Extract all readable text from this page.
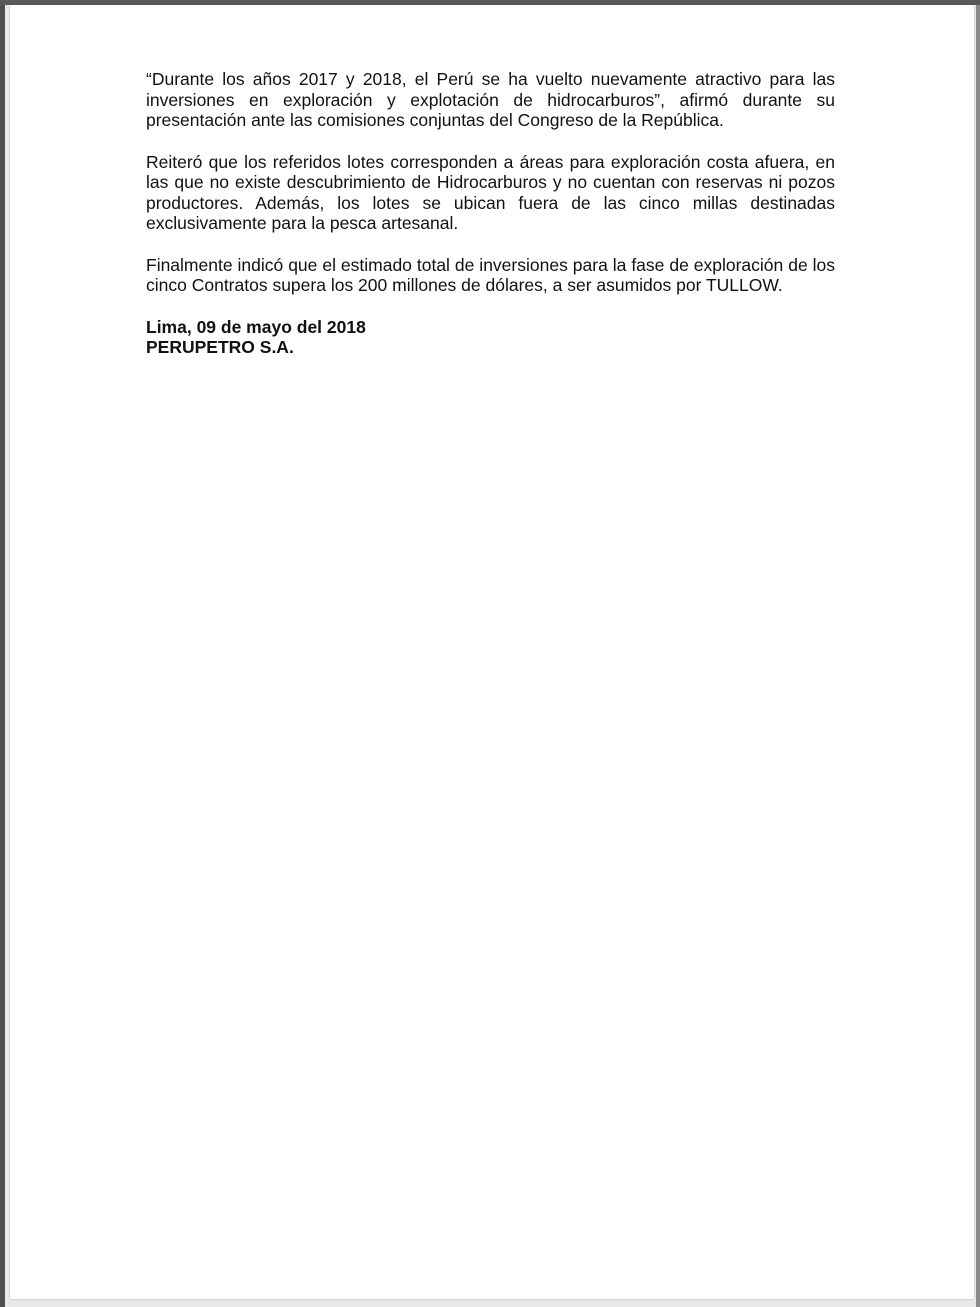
“Durante los años 2017 y 2018, el Perú se ha vuelto nuevamente atractivo para las inversiones en exploración y explotación de hidrocarburos”, afirmó durante su presentación ante las comisiones conjuntas del Congreso de la República.

Reiteró que los referidos lotes corresponden a áreas para exploración costa afuera, en las que no existe descubrimiento de Hidrocarburos y no cuentan con reservas ni pozos productores. Además, los lotes se ubican fuera de las cinco millas destinadas exclusivamente para la pesca artesanal.

Finalmente indicó que el estimado total de inversiones para la fase de exploración de los cinco Contratos supera los 200 millones de dólares, a ser asumidos por TULLOW.

Lima, 09 de mayo del 2018
PERUPETRO S.A.
